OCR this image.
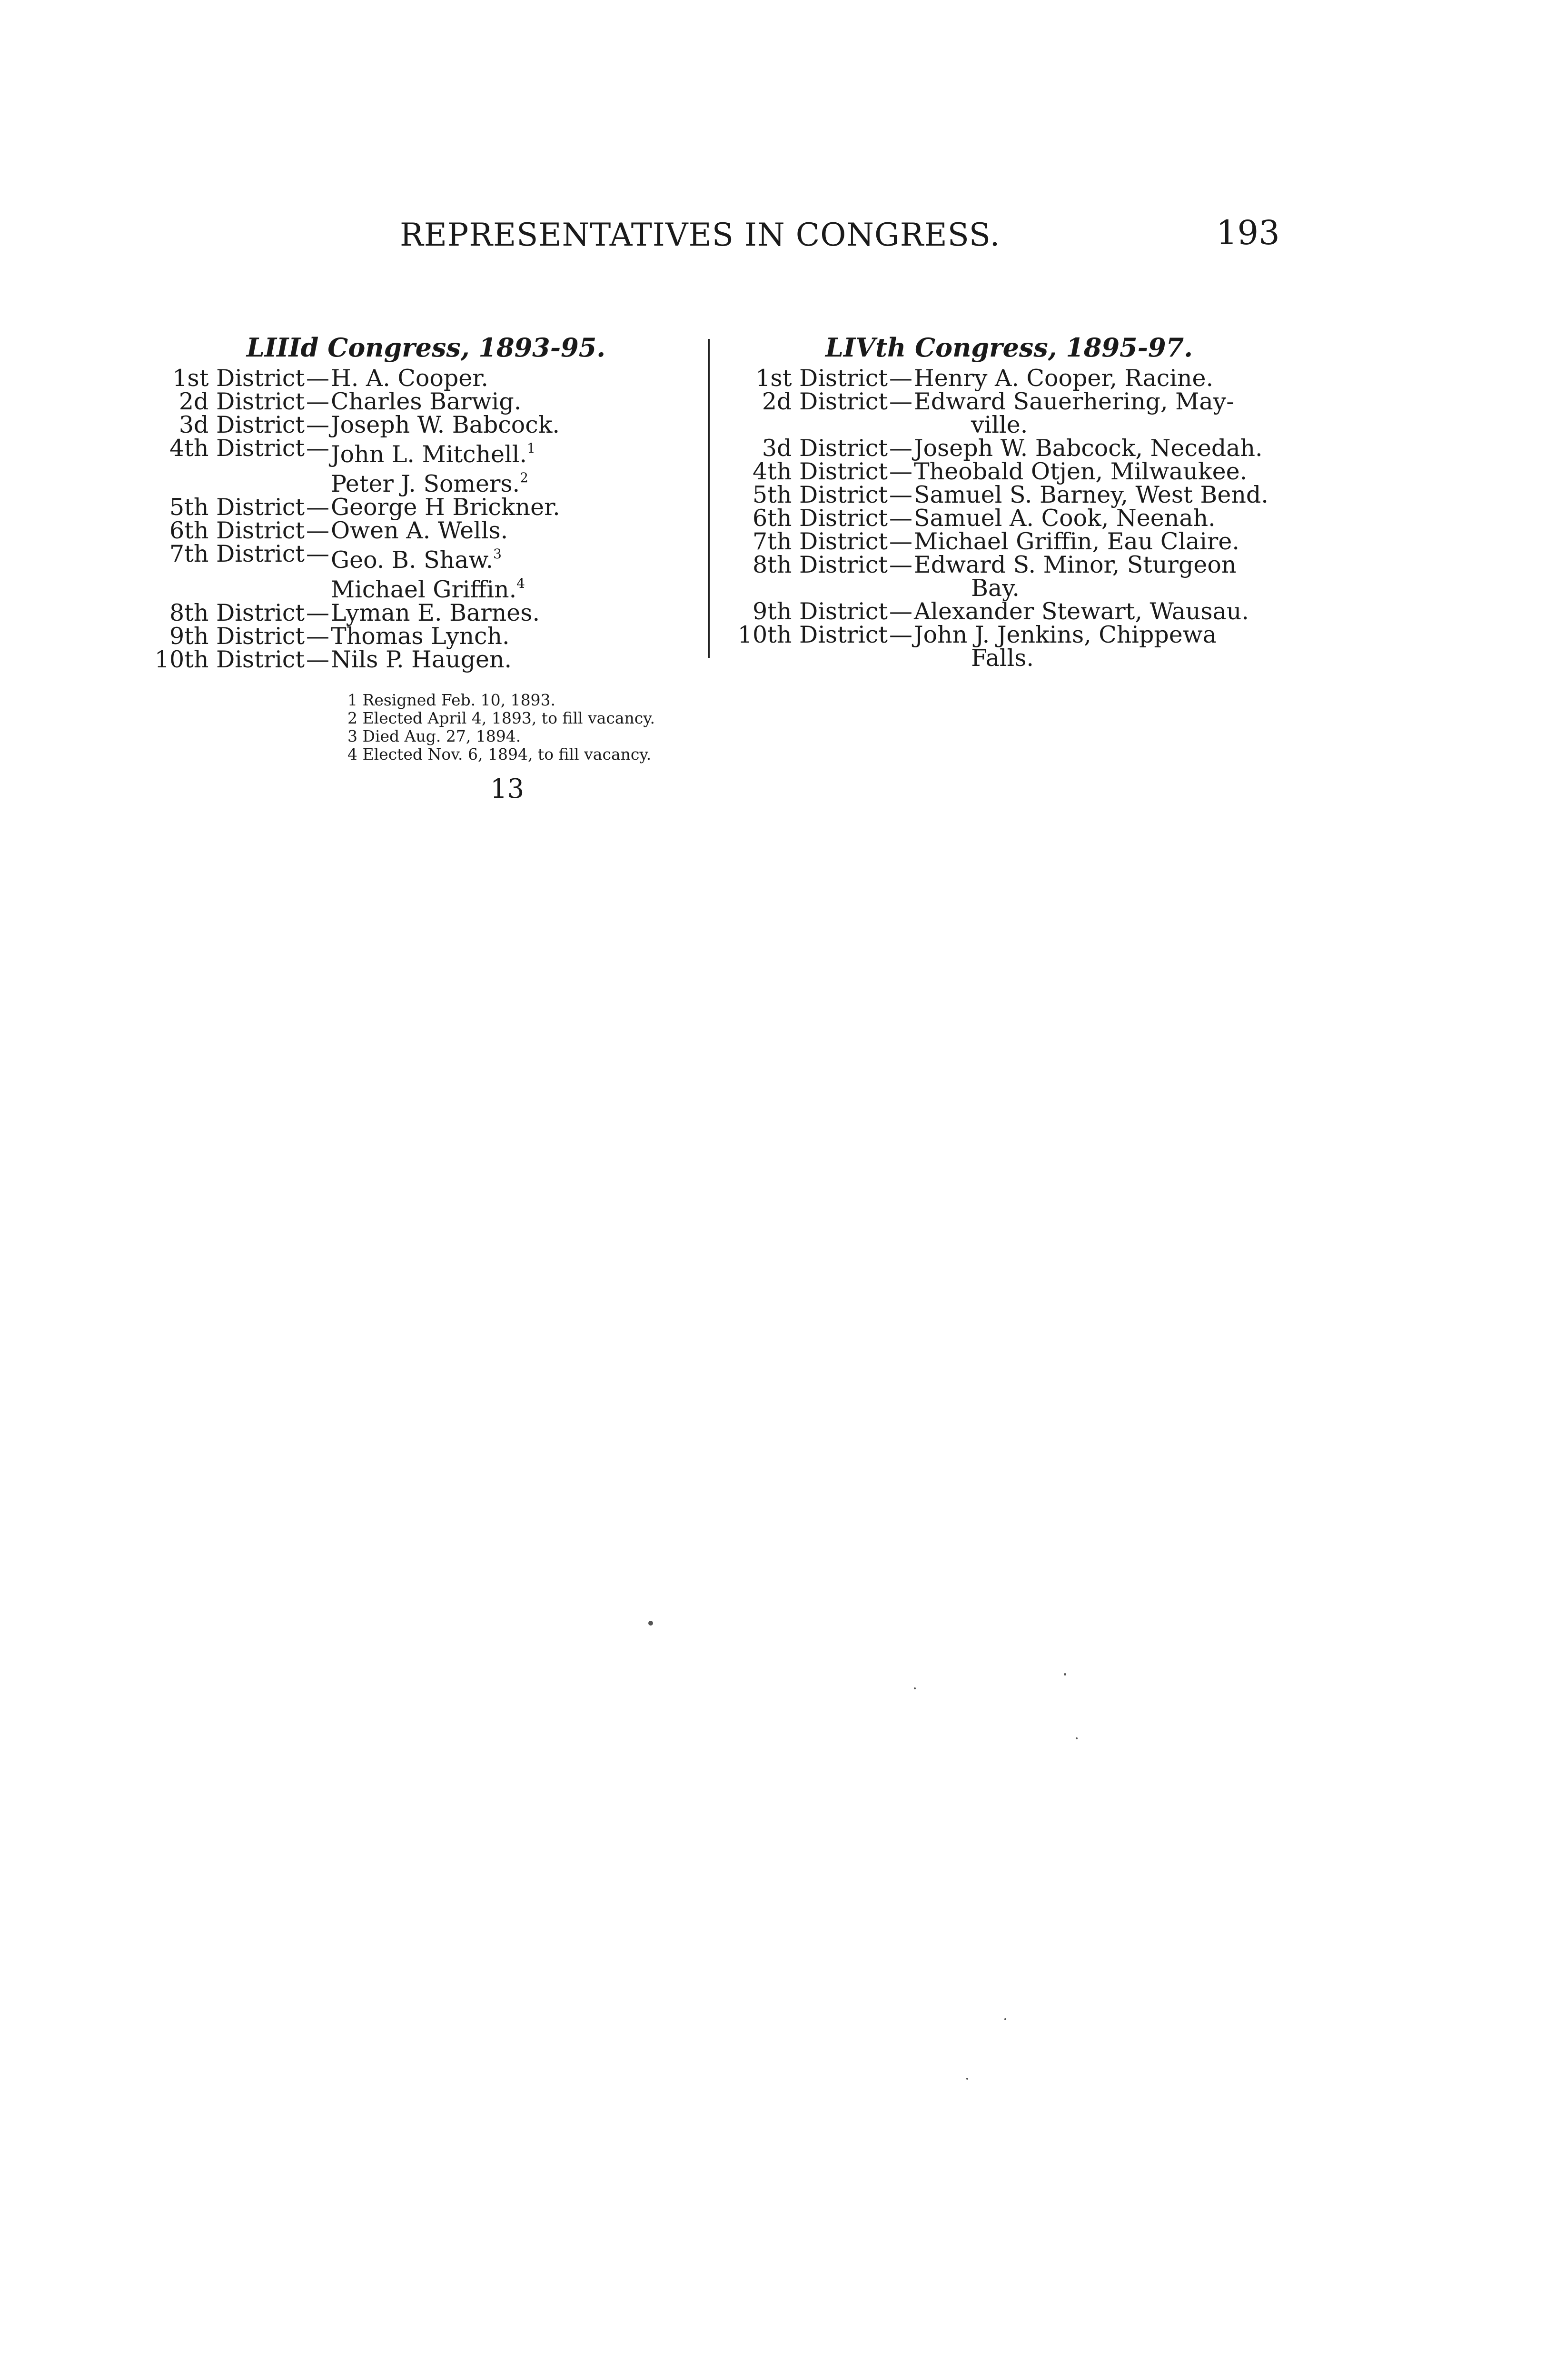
REPRESENTATIVES IN CONGRESS.	193
LIIId Congress, 1893-95.
1st District — H. A. Cooper.
2d District — Charles Barwig.
3d District — Joseph W. Babcock.
4th District — John L. Mitchell.$^1$
Peter J. Somers.$^2$
5th District — George H Brickner.
6th District — Owen A. Wells.
7th District — Geo. B. Shaw.$^3$
Michael Griffin.$^4$
8th District — Lyman E. Barnes.
9th District — Thomas Lynch.
10th District — Nils P. Haugen.
LIVth Congress, 1895-97.
1st District — Henry A. Cooper, Racine.
2d District — Edward Sauerhering, May-
ville.
3d District — Joseph W. Babcock, Necedah.
4th District — Theobald Otjen, Milwaukee.
5th District — Samuel S. Barney, West Bend.
6th District — Samuel A. Cook, Neenah.
7th District — Michael Griffin, Eau Claire.
8th District — Edward S. Minor, Sturgeon
Bay.
9th District — Alexander Stewart, Wausau.
10th District — John J. Jenkins, Chippewa
Falls.
1 Resigned Feb. 10, 1893.
2 Elected April 4, 1893, to fill vacancy.
3 Died Aug. 27, 1894.
4 Elected Nov. 6, 1894, to fill vacancy.
13
